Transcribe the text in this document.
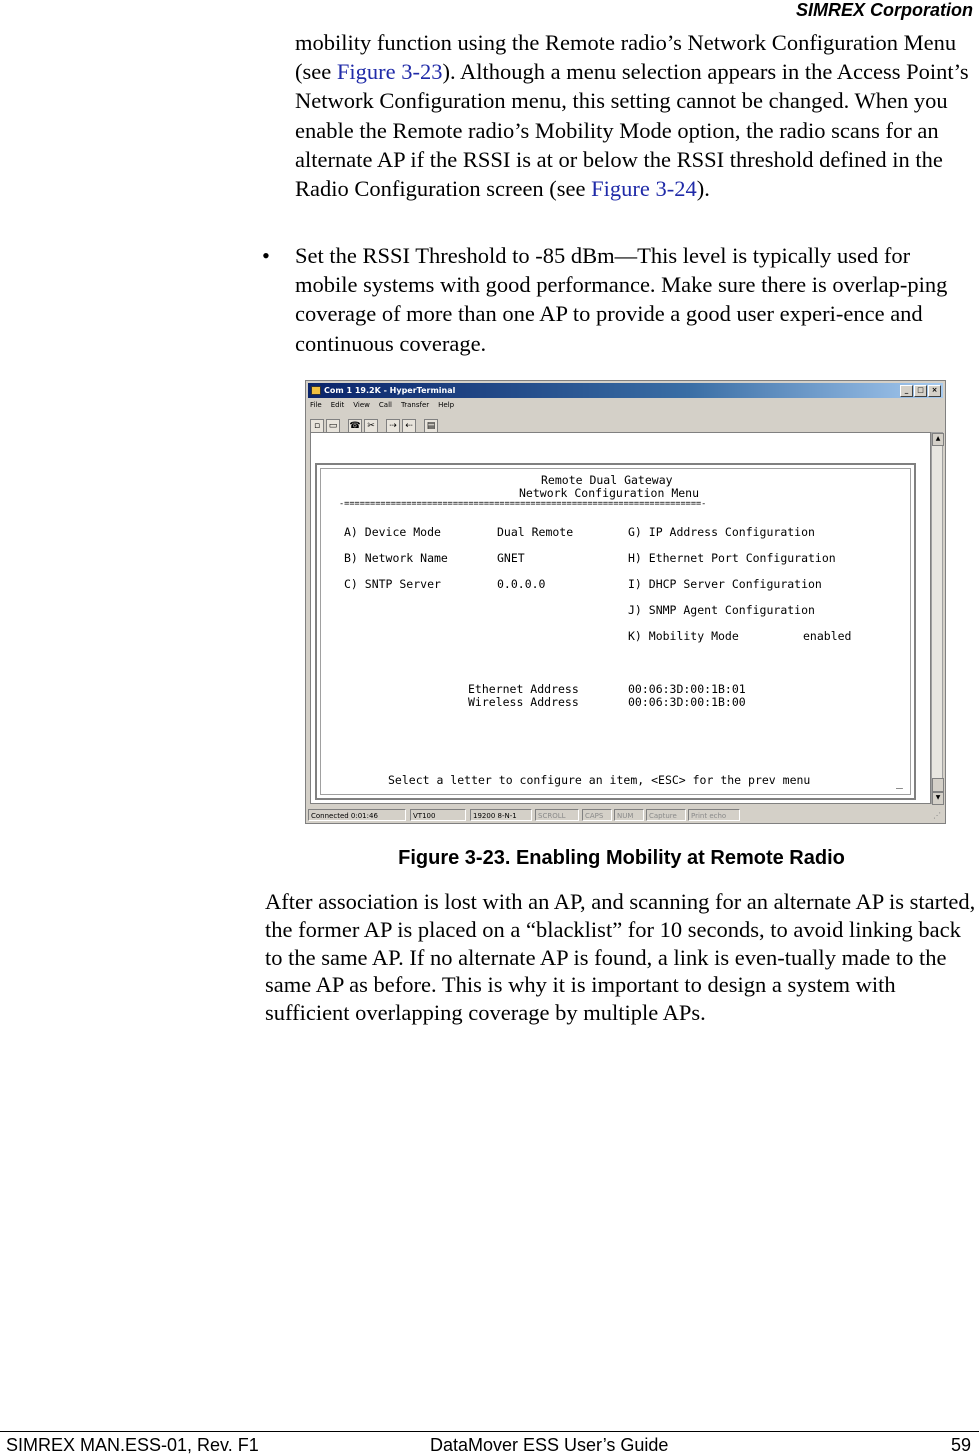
SIMREX Corporation
mobility function using the Remote radio’s Network Configuration Menu (see Figure 3-23). Although a menu selection appears in the Access Point’s Network Configuration menu, this setting cannot be changed. When you enable the Remote radio’s Mobility Mode option, the radio scans for an alternate AP if the RSSI is at or below the RSSI threshold defined in the Radio Configuration screen (see Figure 3-24).
• Set the RSSI Threshold to -85 dBm—This level is typically used for mobile systems with good performance. Make sure there is overlap-ping coverage of more than one AP to provide a good user experi-ence and continuous coverage.
Com 1 19.2K - HyperTerminal	_ □ ×
File Edit View Call Transfer Help
▫ ▭ ☎ ✂ ⇢ ⇠ ▤
▲
▼
Remote Dual Gateway
Network Configuration Menu
-=====================================================================-
A) Device Mode	Dual Remote
B) Network Name	GNET
C) SNTP Server	0.0.0.0
G) IP Address Configuration
H) Ethernet Port Configuration
I) DHCP Server Configuration
J) SNMP Agent Configuration
K) Mobility Mode	enabled
Ethernet Address	00:06:3D:00:1B:01
Wireless Address	00:06:3D:00:1B:00
Select a letter to configure an item, <ESC> for the prev menu	_
Connected 0:01:46	VT100	19200 8-N-1	SCROLL	CAPS	NUM	Capture	Print echo	⋰
Figure 3-23. Enabling Mobility at Remote Radio
After association is lost with an AP, and scanning for an alternate AP is started, the former AP is placed on a “blacklist” for 10 seconds, to avoid linking back to the same AP. If no alternate AP is found, a link is even-tually made to the same AP as before. This is why it is important to design a system with sufficient overlapping coverage by multiple APs.
SIMREX MAN.ESS-01, Rev. F1	DataMover ESS User’s Guide	59
